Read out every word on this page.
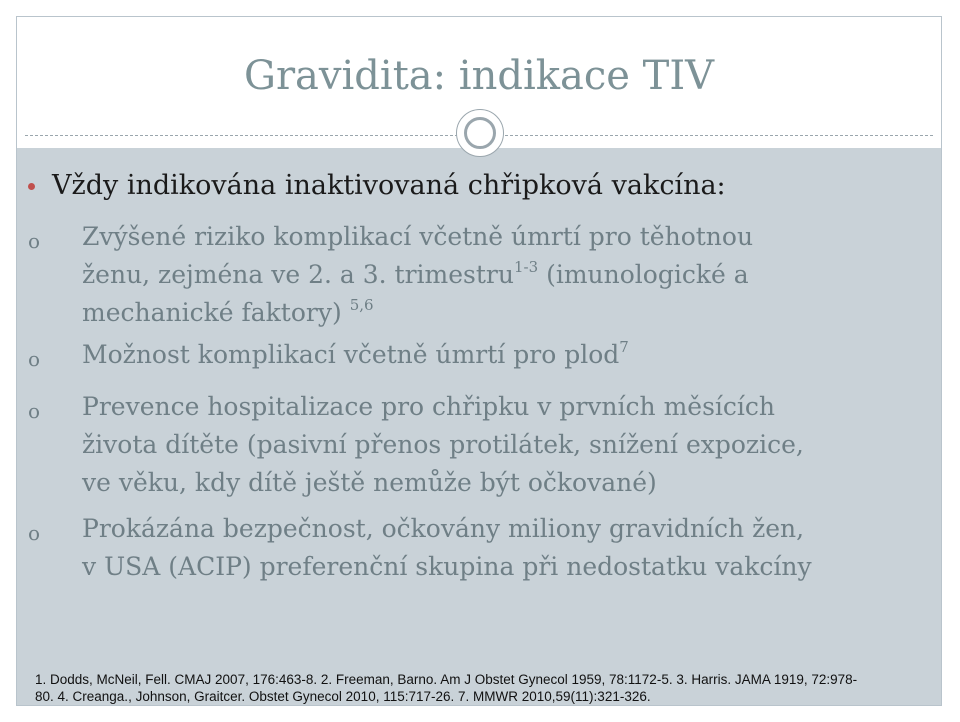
Gravidita: indikace TIV
Vždy indikována inaktivovaná chřipková vakcína:
o Zvýšené riziko komplikací včetně úmrtí pro těhotnou
ženu, zejména ve 2. a 3. trimestru$^{1-3}$ (imunologické a
mechanické faktory) $^{5,6}$
o Možnost komplikací včetně úmrtí pro plod$^7$
o Prevence hospitalizace pro chřipku v prvních měsících
života dítěte (pasivní přenos protilátek, snížení expozice,
ve věku, kdy dítě ještě nemůže být očkované)
o Prokázána bezpečnost, očkovány miliony gravidních žen,
v USA (ACIP) preferenční skupina při nedostatku vakcíny
1. Dodds, McNeil, Fell. CMAJ 2007, 176:463-8. 2. Freeman, Barno. Am J Obstet Gynecol 1959, 78:1172-5. 3. Harris. JAMA 1919, 72:978-
80. 4. Creanga., Johnson, Graitcer. Obstet Gynecol 2010, 115:717-26. 7. MMWR 2010,59(11):321-326.
